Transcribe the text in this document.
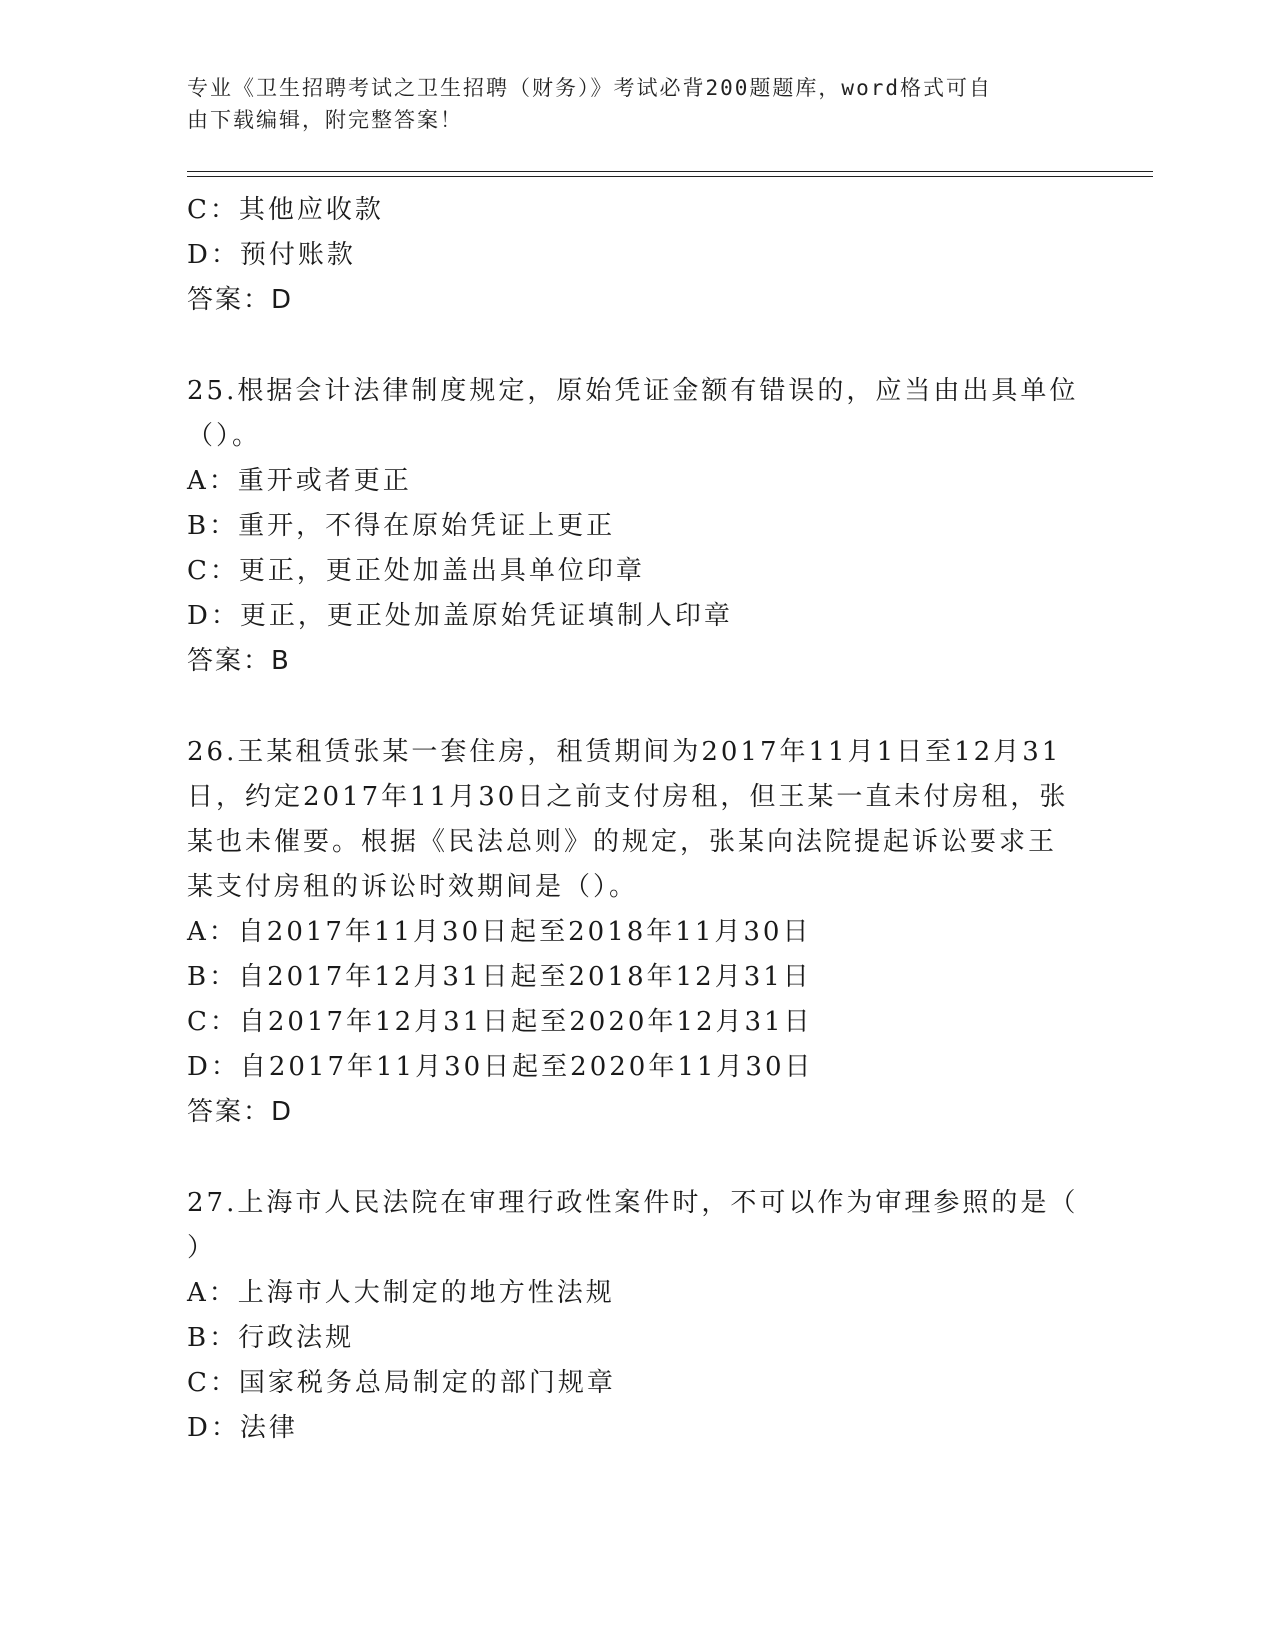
专业《卫生招聘考试之卫生招聘（财务）》考试必背200题题库，word格式可自
由下载编辑，附完整答案！
C：其他应收款
D：预付账款
答案：D
25.根据会计法律制度规定，原始凭证金额有错误的，应当由出具单位
（）。
A：重开或者更正
B：重开，不得在原始凭证上更正
C：更正，更正处加盖出具单位印章
D：更正，更正处加盖原始凭证填制人印章
答案：B
26.王某租赁张某一套住房，租赁期间为2017年11月1日至12月31
日，约定2017年11月30日之前支付房租，但王某一直未付房租，张
某也未催要。根据《民法总则》的规定，张某向法院提起诉讼要求王
某支付房租的诉讼时效期间是（）。
A：自2017年11月30日起至2018年11月30日
B：自2017年12月31日起至2018年12月31日
C：自2017年12月31日起至2020年12月31日
D：自2017年11月30日起至2020年11月30日
答案：D
27.上海市人民法院在审理行政性案件时，不可以作为审理参照的是（
）
A：上海市人大制定的地方性法规
B：行政法规
C：国家税务总局制定的部门规章
D：法律
